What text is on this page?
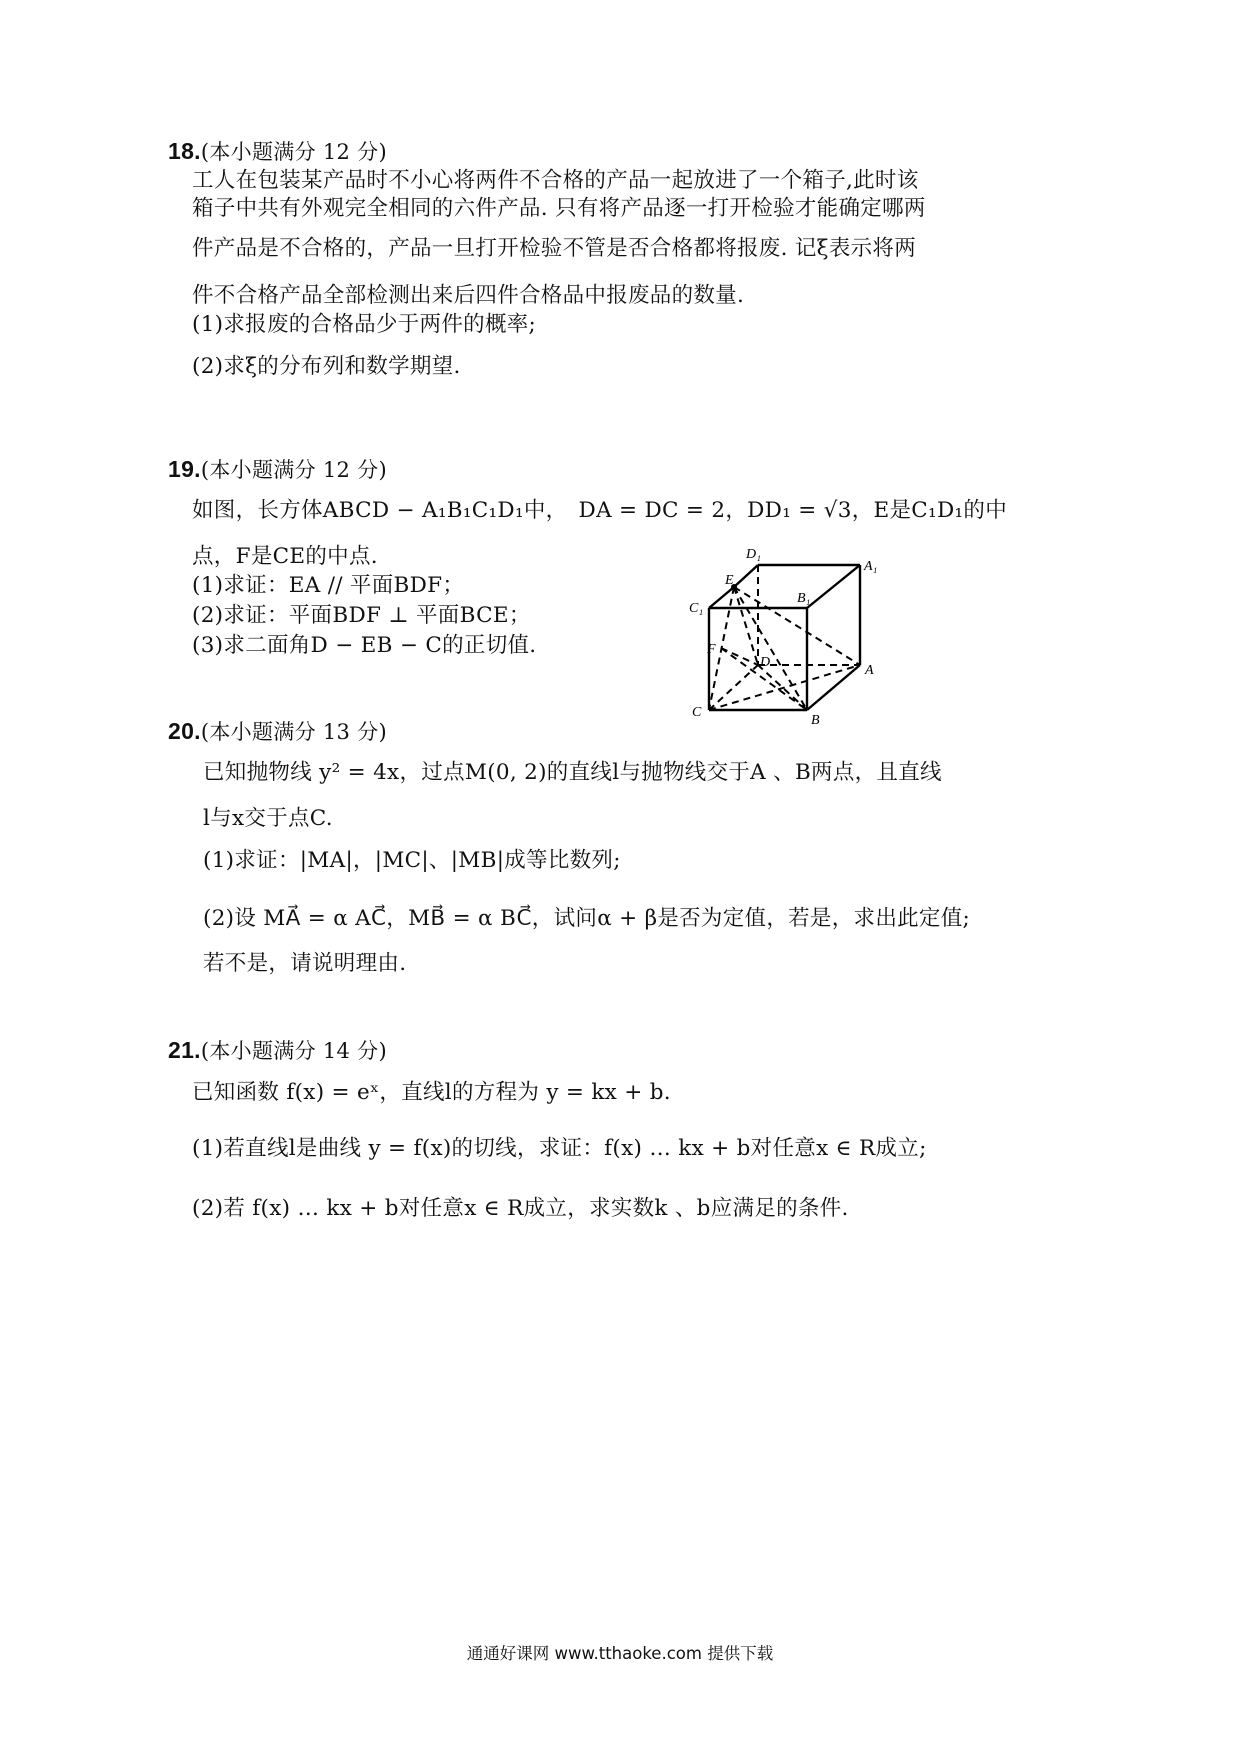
18.(本小题满分 12 分)
工人在包装某产品时不小心将两件不合格的产品一起放进了一个箱子,此时该
箱子中共有外观完全相同的六件产品. 只有将产品逐一打开检验才能确定哪两
件产品是不合格的，产品一旦打开检验不管是否合格都将报废. 记ξ表示将两
件不合格产品全部检测出来后四件合格品中报废品的数量.
(1)求报废的合格品少于两件的概率;
(2)求ξ的分布列和数学期望.
19.(本小题满分 12 分)
如图，长方体ABCD − A₁B₁C₁D₁中，　DA = DC = 2，DD₁ = √3，E是C₁D₁的中
点，F是CE的中点.
(1)求证：EA // 平面BDF；
(2)求证：平面BDF ⊥ 平面BCE；
(3)求二面角D − EB − C的正切值.
D₁
A₁
E
B₁
C₁
F
D
A
C
B
20.(本小题满分 13 分)
已知抛物线 y² = 4x，过点M(0, 2)的直线l与抛物线交于A 、B两点，且直线
l与x交于点C.
(1)求证：|MA|，|MC|、|MB|成等比数列;
(2)设 MA⃗ = α AC⃗，MB⃗ = α BC⃗，试问α + β是否为定值，若是，求出此定值;
若不是，请说明理由.
21.(本小题满分 14 分)
已知函数 f(x) = eˣ，直线l的方程为 y = kx + b.
(1)若直线l是曲线 y = f(x)的切线，求证：f(x) … kx + b对任意x ∈ R成立;
(2)若 f(x) … kx + b对任意x ∈ R成立，求实数k 、b应满足的条件.
通通好课网 www.tthaoke.com 提供下载
